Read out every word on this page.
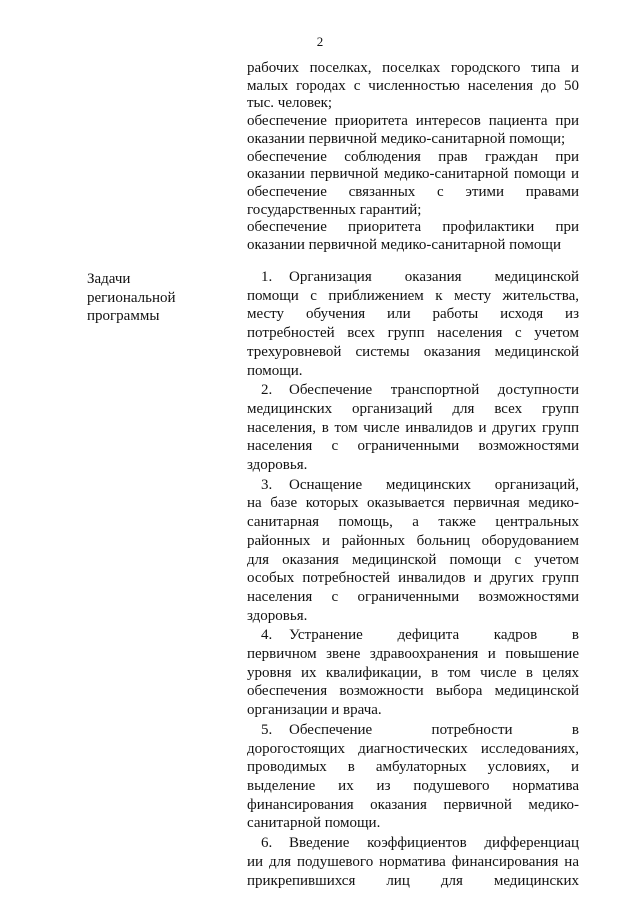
2
рабочих поселках, поселках городского типа и
малых городах с численностью населения до 50
тыс. человек;
обеспечение приоритета интересов пациента при
оказании первичной медико-санитарной помощи;
обеспечение соблюдения прав граждан при
оказании первичной медико-санитарной помощи и
обеспечение связанных с этими правами
государственных гарантий;
обеспечение приоритета профилактики при
оказании первичной медико-санитарной помощи
Задачи
региональной
программы
1. Организация оказания медицинской
помощи с приближением к месту жительства,
месту обучения или работы исходя из
потребностей всех групп населения с учетом
трехуровневой системы оказания медицинской
помощи.
2. Обеспечение транспортной доступности
медицинских организаций для всех групп
населения, в том числе инвалидов и других групп
населения с ограниченными возможностями
здоровья.
3. Оснащение медицинских организаций,
на базе которых оказывается первичная медико-
санитарная помощь, а также центральных
районных и районных больниц оборудованием
для оказания медицинской помощи с учетом
особых потребностей инвалидов и других групп
населения с ограниченными возможностями
здоровья.
4. Устранение дефицита кадров в
первичном звене здравоохранения и повышение
уровня их квалификации, в том числе в целях
обеспечения возможности выбора медицинской
организации и врача.
5. Обеспечение потребности в
дорогостоящих диагностических исследованиях,
проводимых в амбулаторных условиях, и
выделение их из подушевого норматива
финансирования оказания первичной медико-
санитарной помощи.
6. Введение коэффициентов дифференциац
ии для подушевого норматива финансирования на
прикрепившихся лиц для медицинских
